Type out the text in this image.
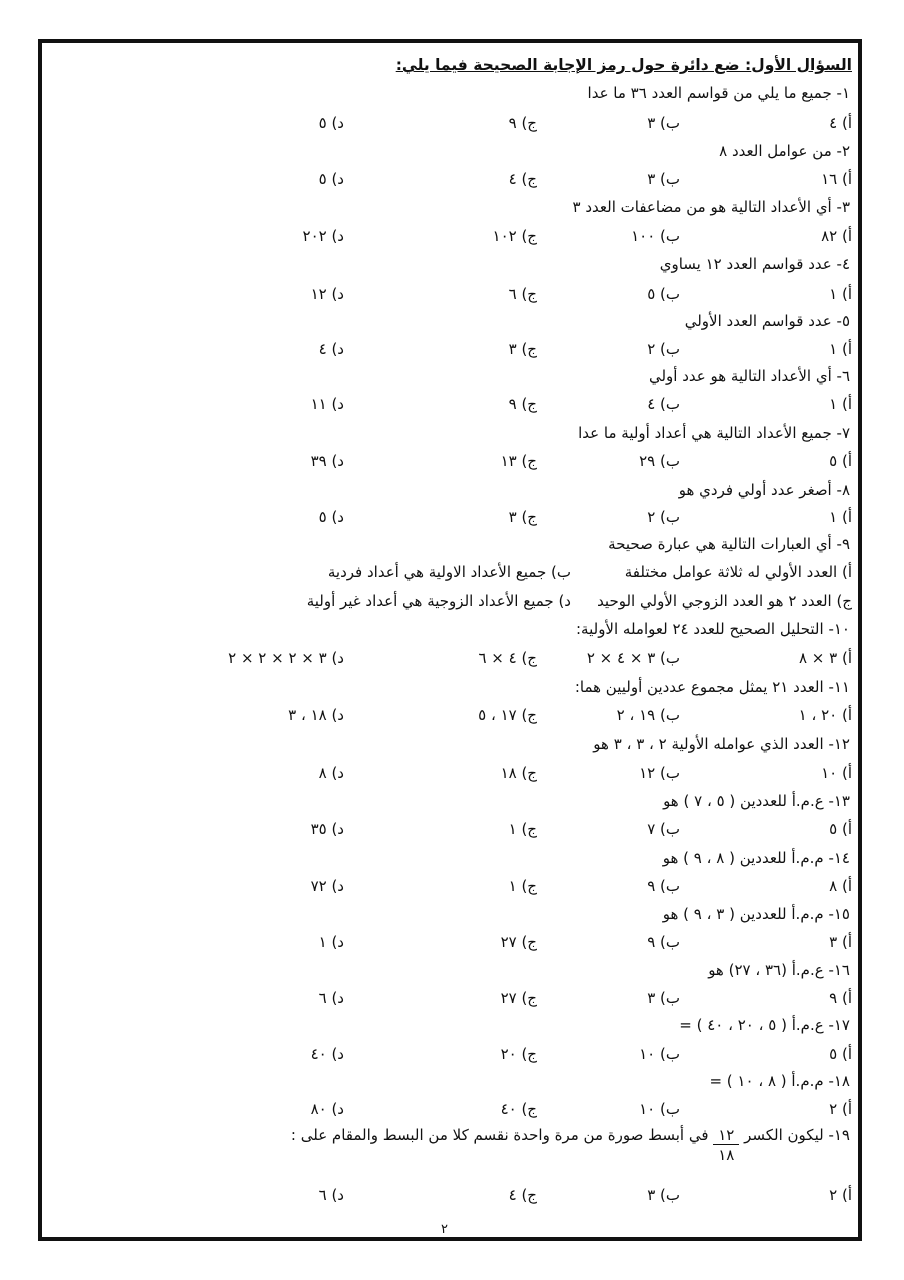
السؤال الأول: ضع دائرة حول رمز الإجابة الصحيحة فيما يلي:
١- جميع ما يلي من قواسم العدد ٣٦ ما عدا
أ) ٤
ب) ٣
ج) ٩
د) ٥
٢- من عوامل العدد ٨
أ) ١٦
ب) ٣
ج) ٤
د) ٥
٣- أي الأعداد التالية هو من مضاعفات العدد ٣
أ) ٨٢
ب) ١٠٠
ج) ١٠٢
د) ٢٠٢
٤- عدد قواسم العدد ١٢ يساوي
أ) ١
ب) ٥
ج) ٦
د) ١٢
٥- عدد قواسم العدد الأولي
أ) ١
ب) ٢
ج) ٣
د) ٤
٦- أي الأعداد التالية هو عدد أولي
أ) ١
ب) ٤
ج) ٩
د) ١١
٧- جميع الأعداد التالية هي أعداد أولية ما عدا
أ) ٥
ب) ٢٩
ج) ١٣
د) ٣٩
٨- أصغر عدد أولي فردي هو
أ) ١
ب) ٢
ج) ٣
د) ٥
٩- أي العبارات التالية هي عبارة صحيحة
أ) العدد الأولي له ثلاثة عوامل مختلفة
ب) جميع الأعداد الاولية هي أعداد فردية
ج) العدد ٢ هو العدد الزوجي الأولي الوحيد
د) جميع الأعداد الزوجية هي أعداد غير أولية
١٠- التحليل الصحيح للعدد ٢٤ لعوامله الأولية:
أ) ٣ × ٨
ب) ٣ × ٤ × ٢
ج) ٤ × ٦
د) ٣ × ٢ × ٢ × ٢
١١- العدد ٢١ يمثل مجموع عددين أوليين هما:
أ) ٢٠ ، ١
ب) ١٩ ، ٢
ج) ١٧ ، ٥
د) ١٨ ، ٣
١٢- العدد الذي عوامله الأولية ٢ ، ٣ ، ٣ هو
أ) ١٠
ب) ١٢
ج) ١٨
د) ٨
١٣- ع.م.أ للعددين ( ٥ ، ٧ ) هو
أ) ٥
ب) ٧
ج) ١
د) ٣٥
١٤- م.م.أ للعددين ( ٨ ، ٩ ) هو
أ) ٨
ب) ٩
ج) ١
د) ٧٢
١٥- م.م.أ للعددين ( ٣ ، ٩ ) هو
أ) ٣
ب) ٩
ج) ٢٧
د) ١
١٦- ع.م.أ (٣٦ ، ٢٧) هو
أ) ٩
ب) ٣
ج) ٢٧
د) ٦
١٧- ع.م.أ ( ٥ ، ٢٠ ، ٤٠ ) =
أ) ٥
ب) ١٠
ج) ٢٠
د) ٤٠
١٨- م.م.أ ( ٨ ، ١٠ ) =
أ) ٢
ب) ١٠
ج) ٤٠
د) ٨٠
١٩- ليكون الكسر
$\frac{١٢}{١٨}$
في أبسط صورة من مرة واحدة نقسم كلا من البسط والمقام على :
أ) ٢
ب) ٣
ج) ٤
د) ٦
٢
